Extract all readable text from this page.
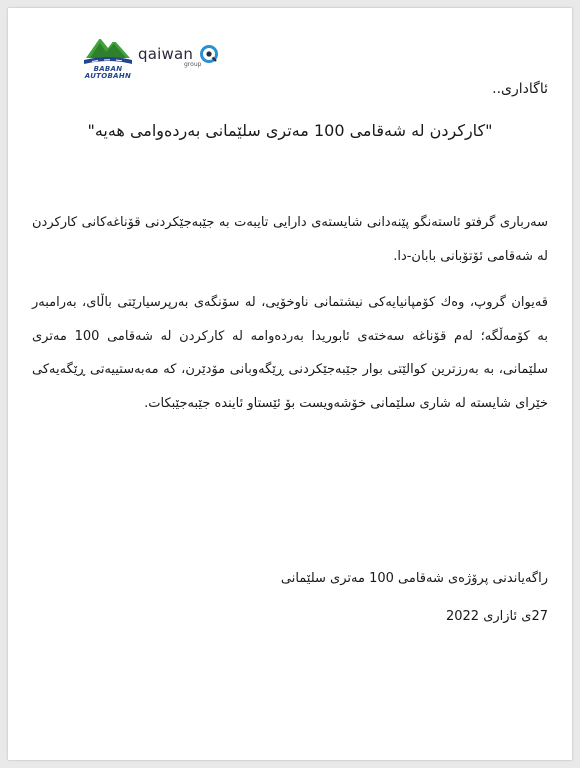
BABAN
AUTOBAHN
qaiwan
group
ئاگاداری..
"کارکردن لە شەقامی 100 مەتری سلێمانی بەردەوامی هەیە"
سەرباری گرفتو ئاستەنگو پێنەدانی شایستەی دارایی تایبەت بە جێبەجێکردنی قۆناغەکانی کارکردن لە شەقامی ئۆتۆبانی بابان-دا.
قەیوان گروپ، وەك كۆمپانیایەکی نیشتمانی ناوخۆیی، لە سۆنگەی بەرپرسیارێتی باڵای، بەرامبەر بە كۆمەڵگە؛ لەم قۆناغە سەختەی ئابوریدا بەردەوامە لە کارکردن لە شەقامی 100 مەتری سلێمانی، بە بەرزترین کوالێتی بوار جێبەجێکردنی ڕێگەوبانی مۆدێرن، کە مەبەستییەتی ڕێگەیەکی خێرای شایستە لە شاری سلێمانی خۆشەویست بۆ ئێستاو ئاینده جێبەجێبکات.
راگەیاندنی پرۆژەی شەقامی 100 مەتری سلێمانی
27ی ئازاری 2022
